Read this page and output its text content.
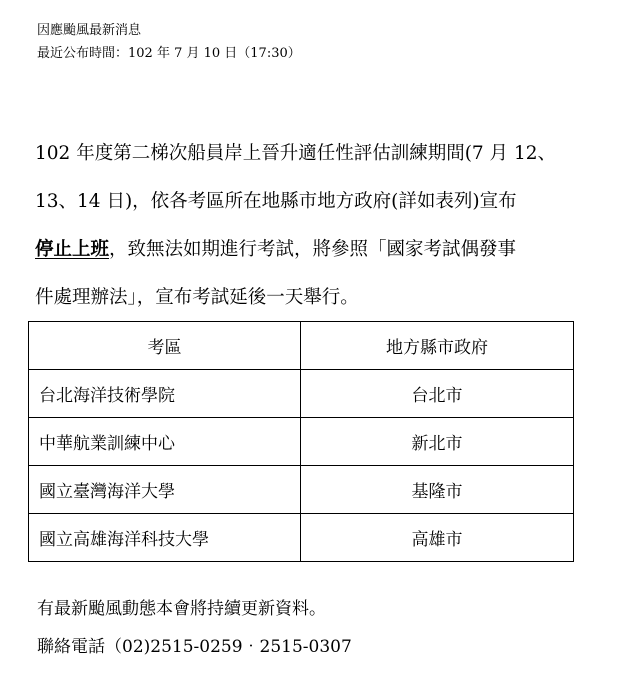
因應颱風最新消息
最近公布時間：102 年 7 月 10 日（17:30）
102 年度第二梯次船員岸上晉升適任性評估訓練期間(7 月 12、
13、14 日)，依各考區所在地縣市地方政府(詳如表列)宣布
停止上班，致無法如期進行考試，將參照「國家考試偶發事
件處理辦法」，宣布考試延後一天舉行。
考區	地方縣市政府
台北海洋技術學院	台北市
中華航業訓練中心	新北市
國立臺灣海洋大學	基隆市
國立高雄海洋科技大學	高雄市
有最新颱風動態本會將持續更新資料。
聯絡電話（02)2515-0259‧2515-0307
